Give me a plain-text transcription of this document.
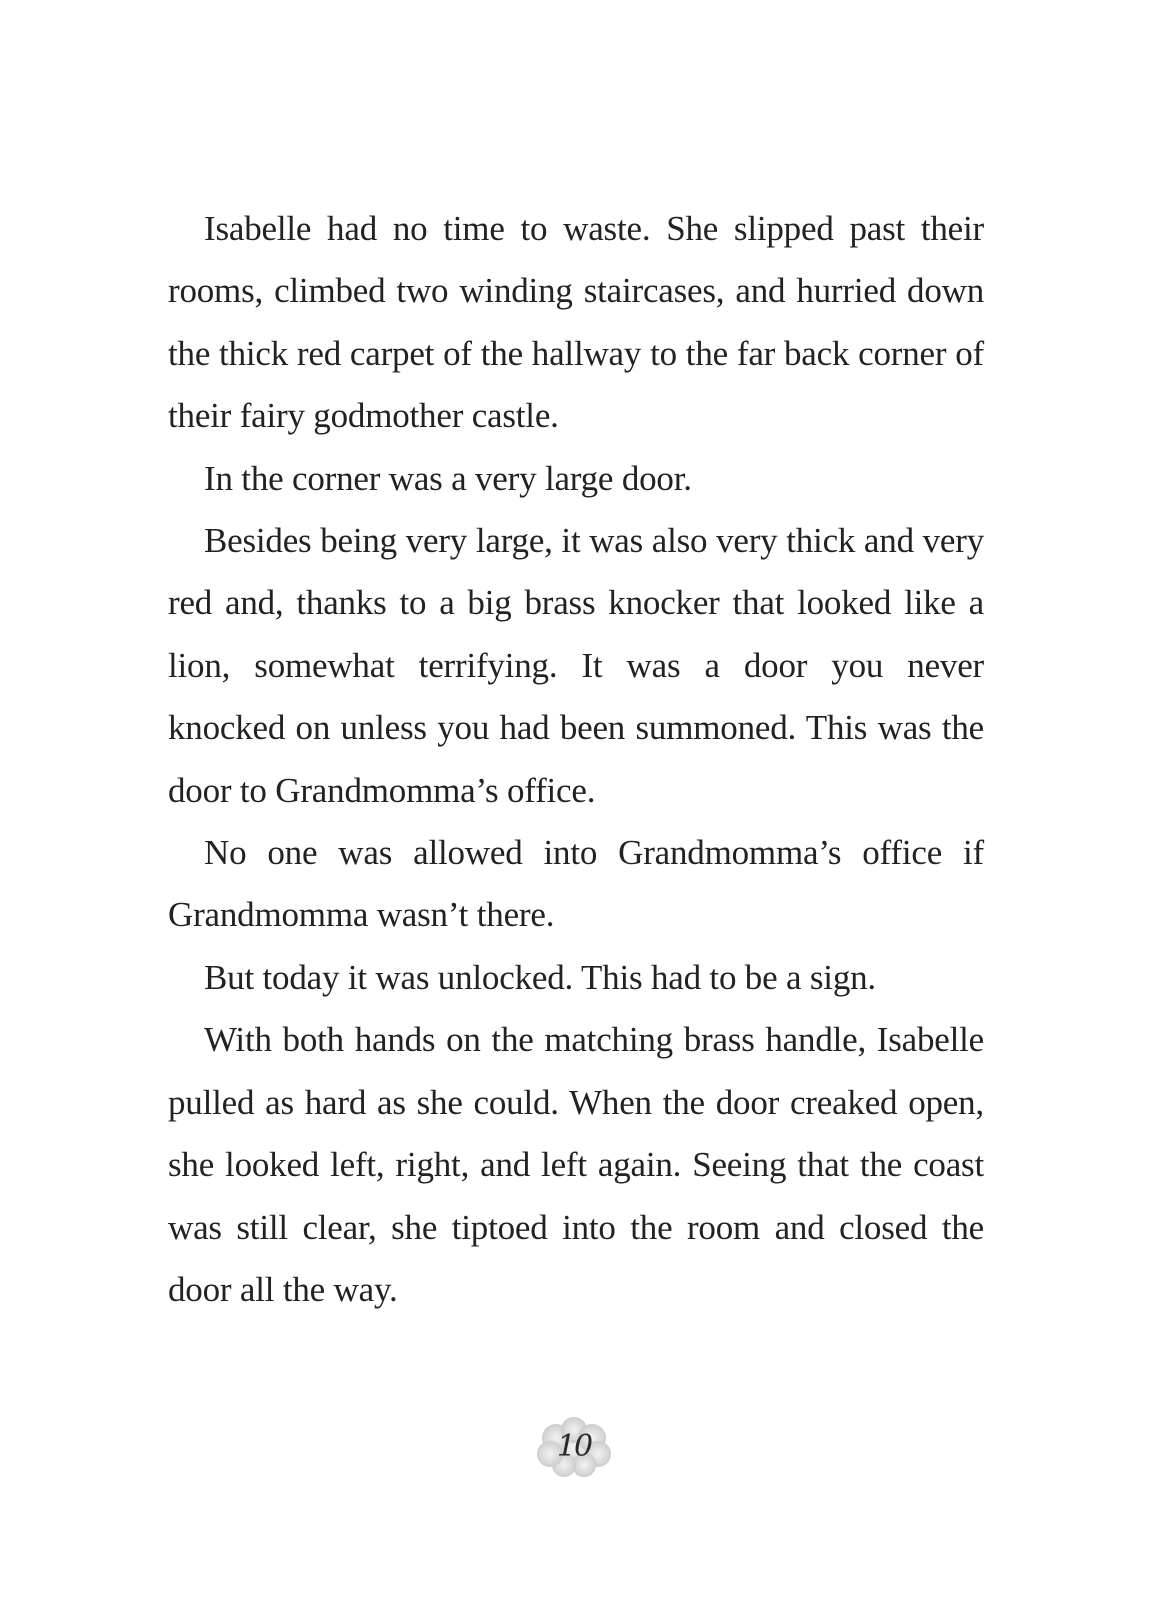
Isabelle had no time to waste. She slipped past their rooms, climbed two winding staircases, and hurried down the thick red carpet of the hallway to the far back corner of their fairy godmother castle.

In the corner was a very large door.

Besides being very large, it was also very thick and very red and, thanks to a big brass knocker that looked like a lion, somewhat terrifying. It was a door you never knocked on unless you had been summoned. This was the door to Grandmomma’s office.

No one was allowed into Grandmomma’s office if Grandmomma wasn’t there.

But today it was unlocked. This had to be a sign.

With both hands on the matching brass handle, Isabelle pulled as hard as she could. When the door creaked open, she looked left, right, and left again. Seeing that the coast was still clear, she tiptoed into the room and closed the door all the way.

10
